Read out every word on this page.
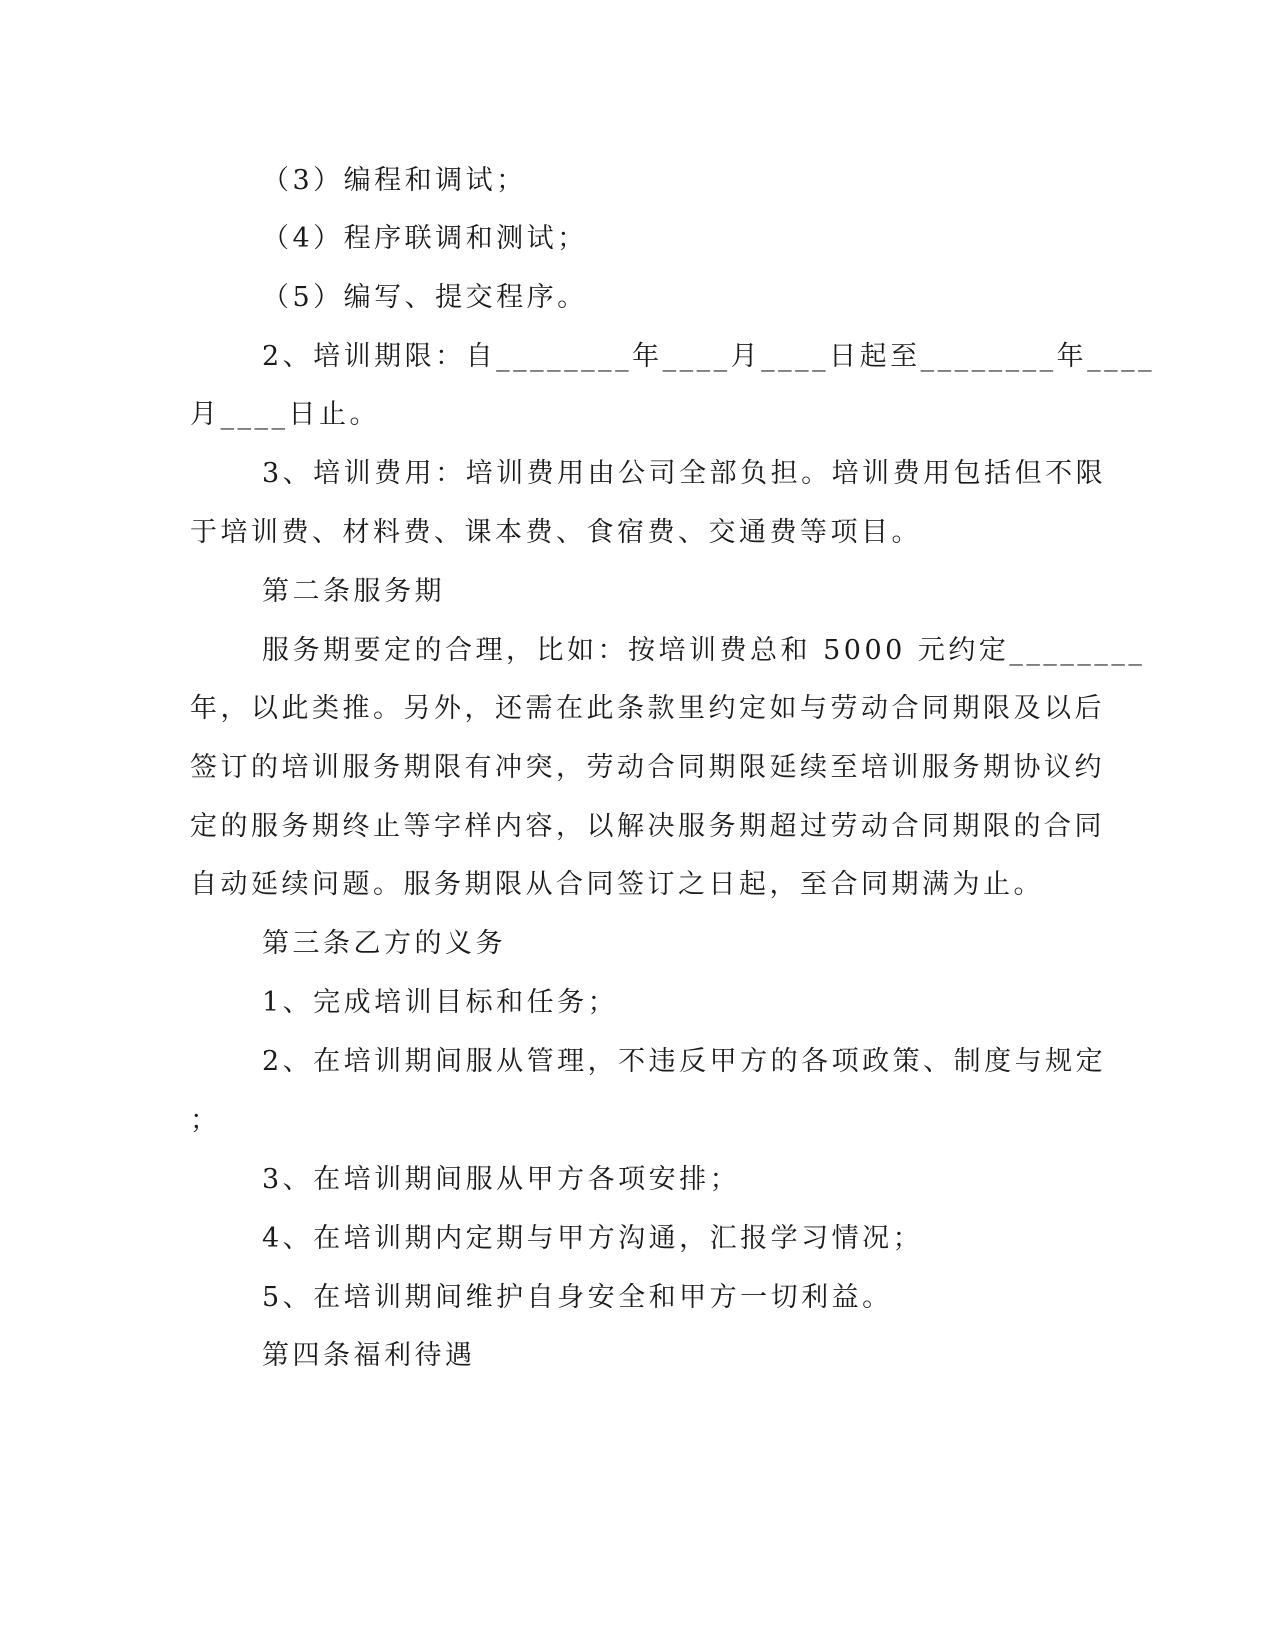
（3）编程和调试；
（4）程序联调和测试；
（5）编写、提交程序。
2、培训期限：自________年____月____日起至________年____
月____日止。
3、培训费用：培训费用由公司全部负担。培训费用包括但不限
于培训费、材料费、课本费、食宿费、交通费等项目。
第二条服务期
服务期要定的合理，比如：按培训费总和 5000 元约定________
年，以此类推。另外，还需在此条款里约定如与劳动合同期限及以后
签订的培训服务期限有冲突，劳动合同期限延续至培训服务期协议约
定的服务期终止等字样内容，以解决服务期超过劳动合同期限的合同
自动延续问题。服务期限从合同签订之日起，至合同期满为止。
第三条乙方的义务
1、完成培训目标和任务；
2、在培训期间服从管理，不违反甲方的各项政策、制度与规定
；
3、在培训期间服从甲方各项安排；
4、在培训期内定期与甲方沟通，汇报学习情况；
5、在培训期间维护自身安全和甲方一切利益。
第四条福利待遇
